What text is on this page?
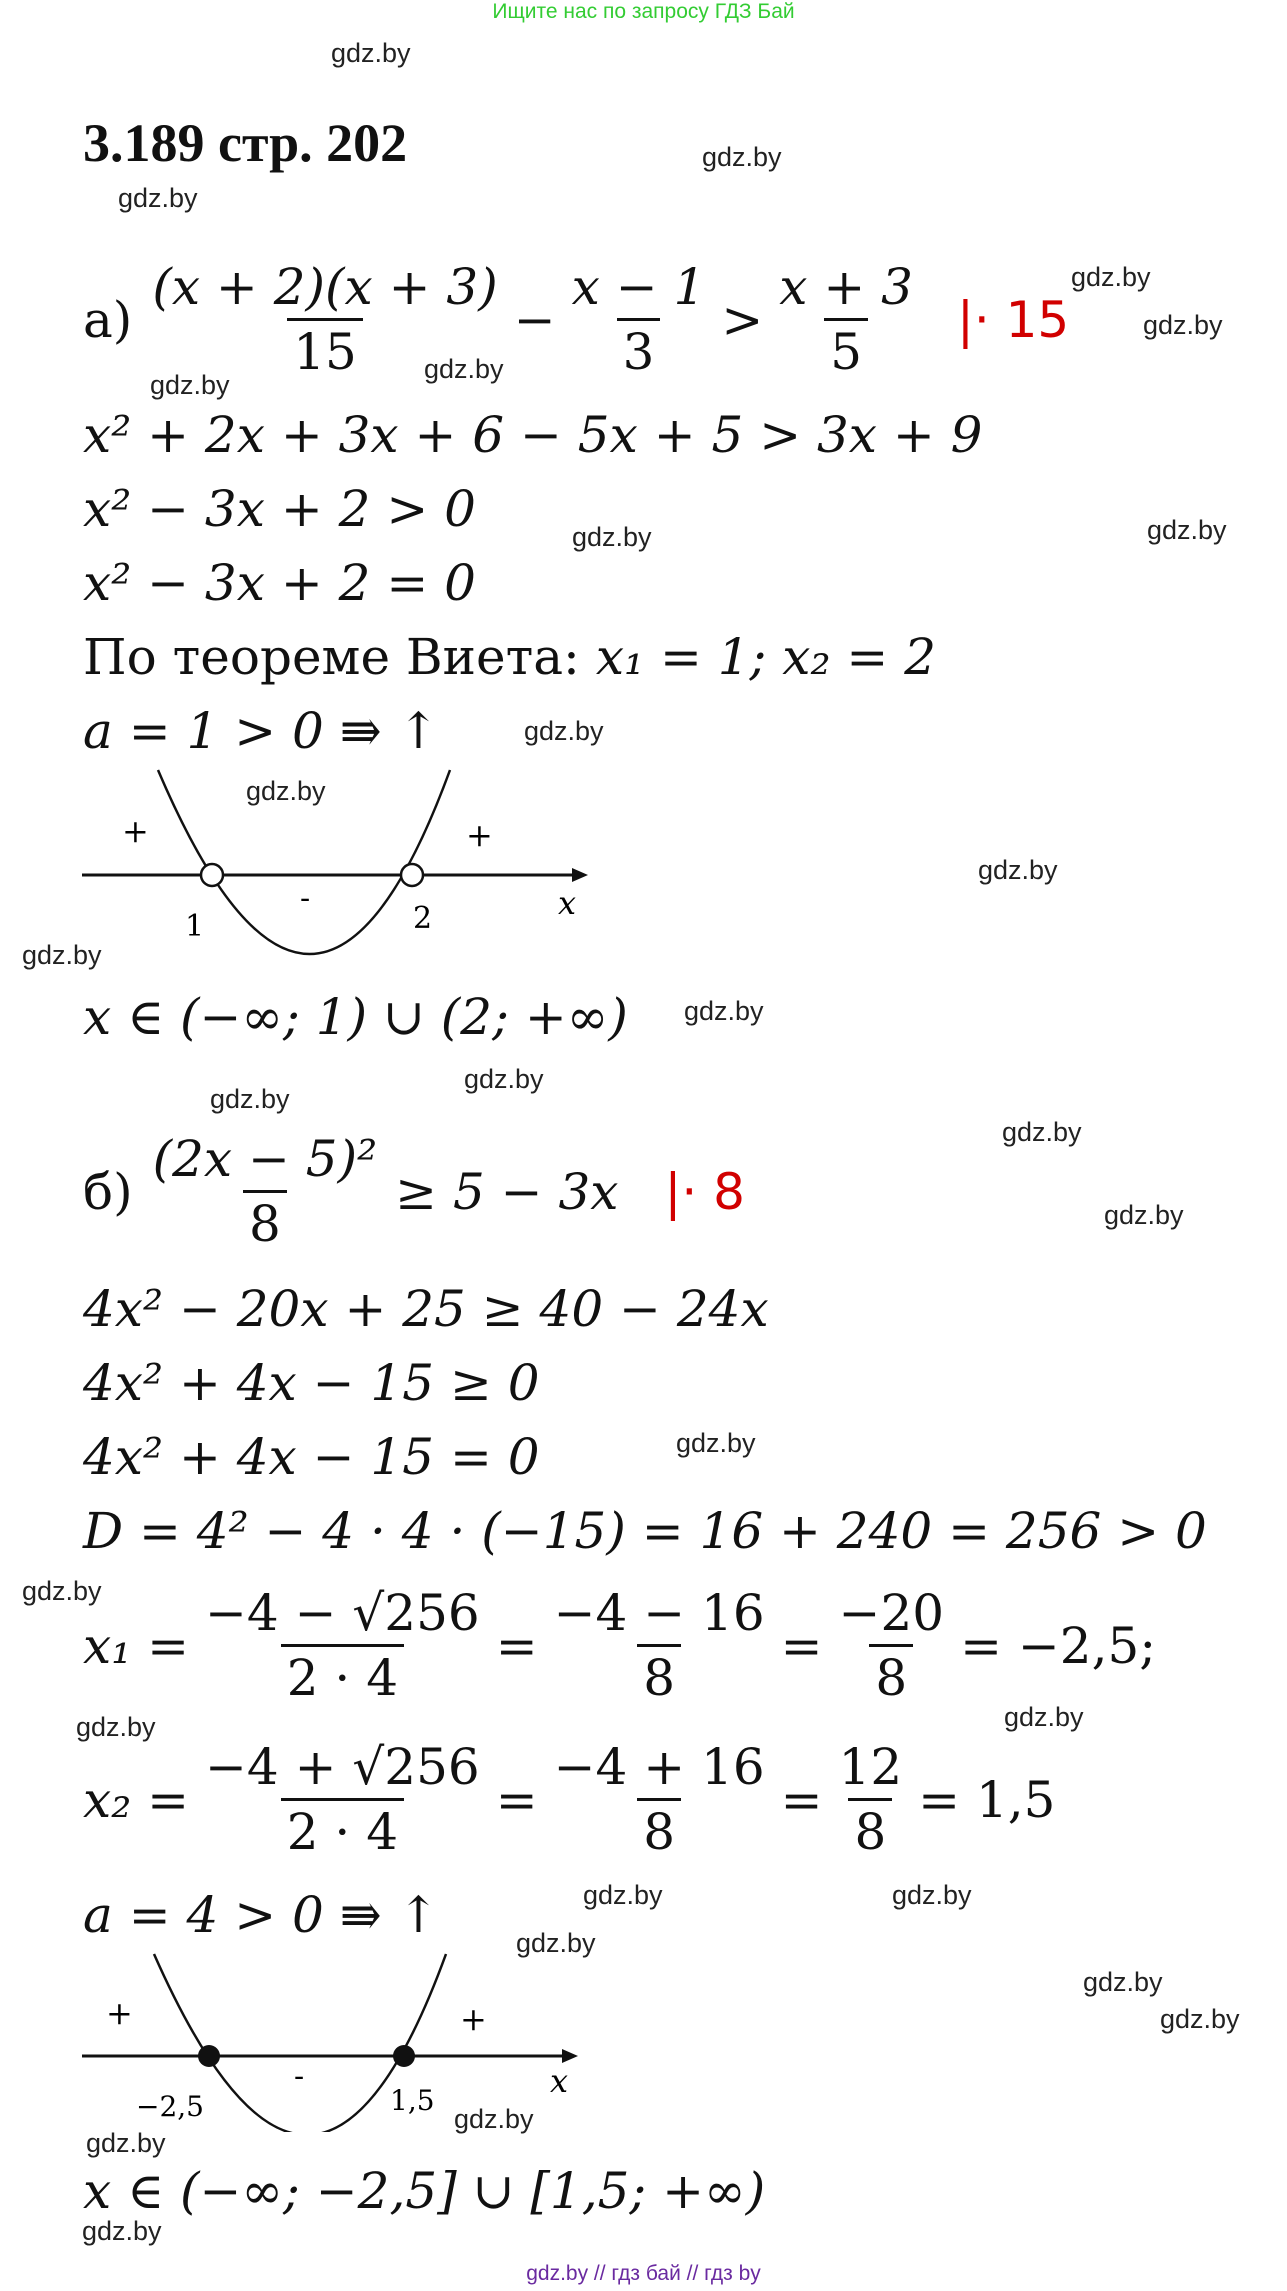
Ищите нас по запросу ГДЗ Бай
3.189 стр. 202
gdz.by
gdz.by
gdz.by
gdz.by
gdz.by
gdz.by
gdz.by
gdz.by	gdz.by
gdz.by
gdz.by
gdz.by
gdz.by
gdz.by
gdz.by
gdz.by
gdz.by
gdz.by
gdz.by
gdz.by
gdz.by	gdz.by
gdz.by	gdz.by
gdz.by
gdz.by
gdz.by
gdz.by
gdz.by
gdz.by
$а) \frac{(x + 2)(x + 3)}{15} - \frac{x - 1}{3} > \frac{x + 3}{5}$ |· 15
x² + 2x + 3x + 6 − 5x + 5 > 3x + 9
x² − 3x + 2 > 0
x² − 3x + 2 = 0
По теореме Виета: x₁ = 1; x₂ = 2
a = 1 > 0 ⇛ ↑
+	+
-
1	2	x
x ∈ (−∞; 1) ∪ (2; +∞)
$б) \frac{\text{(2x − 5)²}}{8} \ge 5 - 3x$ |· 8
4x² − 20x + 25 ≥ 40 − 24x
4x² + 4x − 15 ≥ 0
4x² + 4x − 15 = 0
D = 4² − 4 · 4 · (−15) = 16 + 240 = 256 > 0
$x_1 = \frac{-4 - √256}{2 \cdot 4} = \frac{-4 - 16}{8} = \frac{-20}{8} = -2,5$;
$x_2 = \frac{-4 + √256}{2 \cdot 4} = \frac{-4 + 16}{8} = \frac{12}{8} = 1,5$
a = 4 > 0 ⇛ ↑
+	+
-
−2,5	1,5
x
x ∈ (−∞; −2,5] ∪ [1,5; +∞)
gdz.by // гдз бай // гдз by
